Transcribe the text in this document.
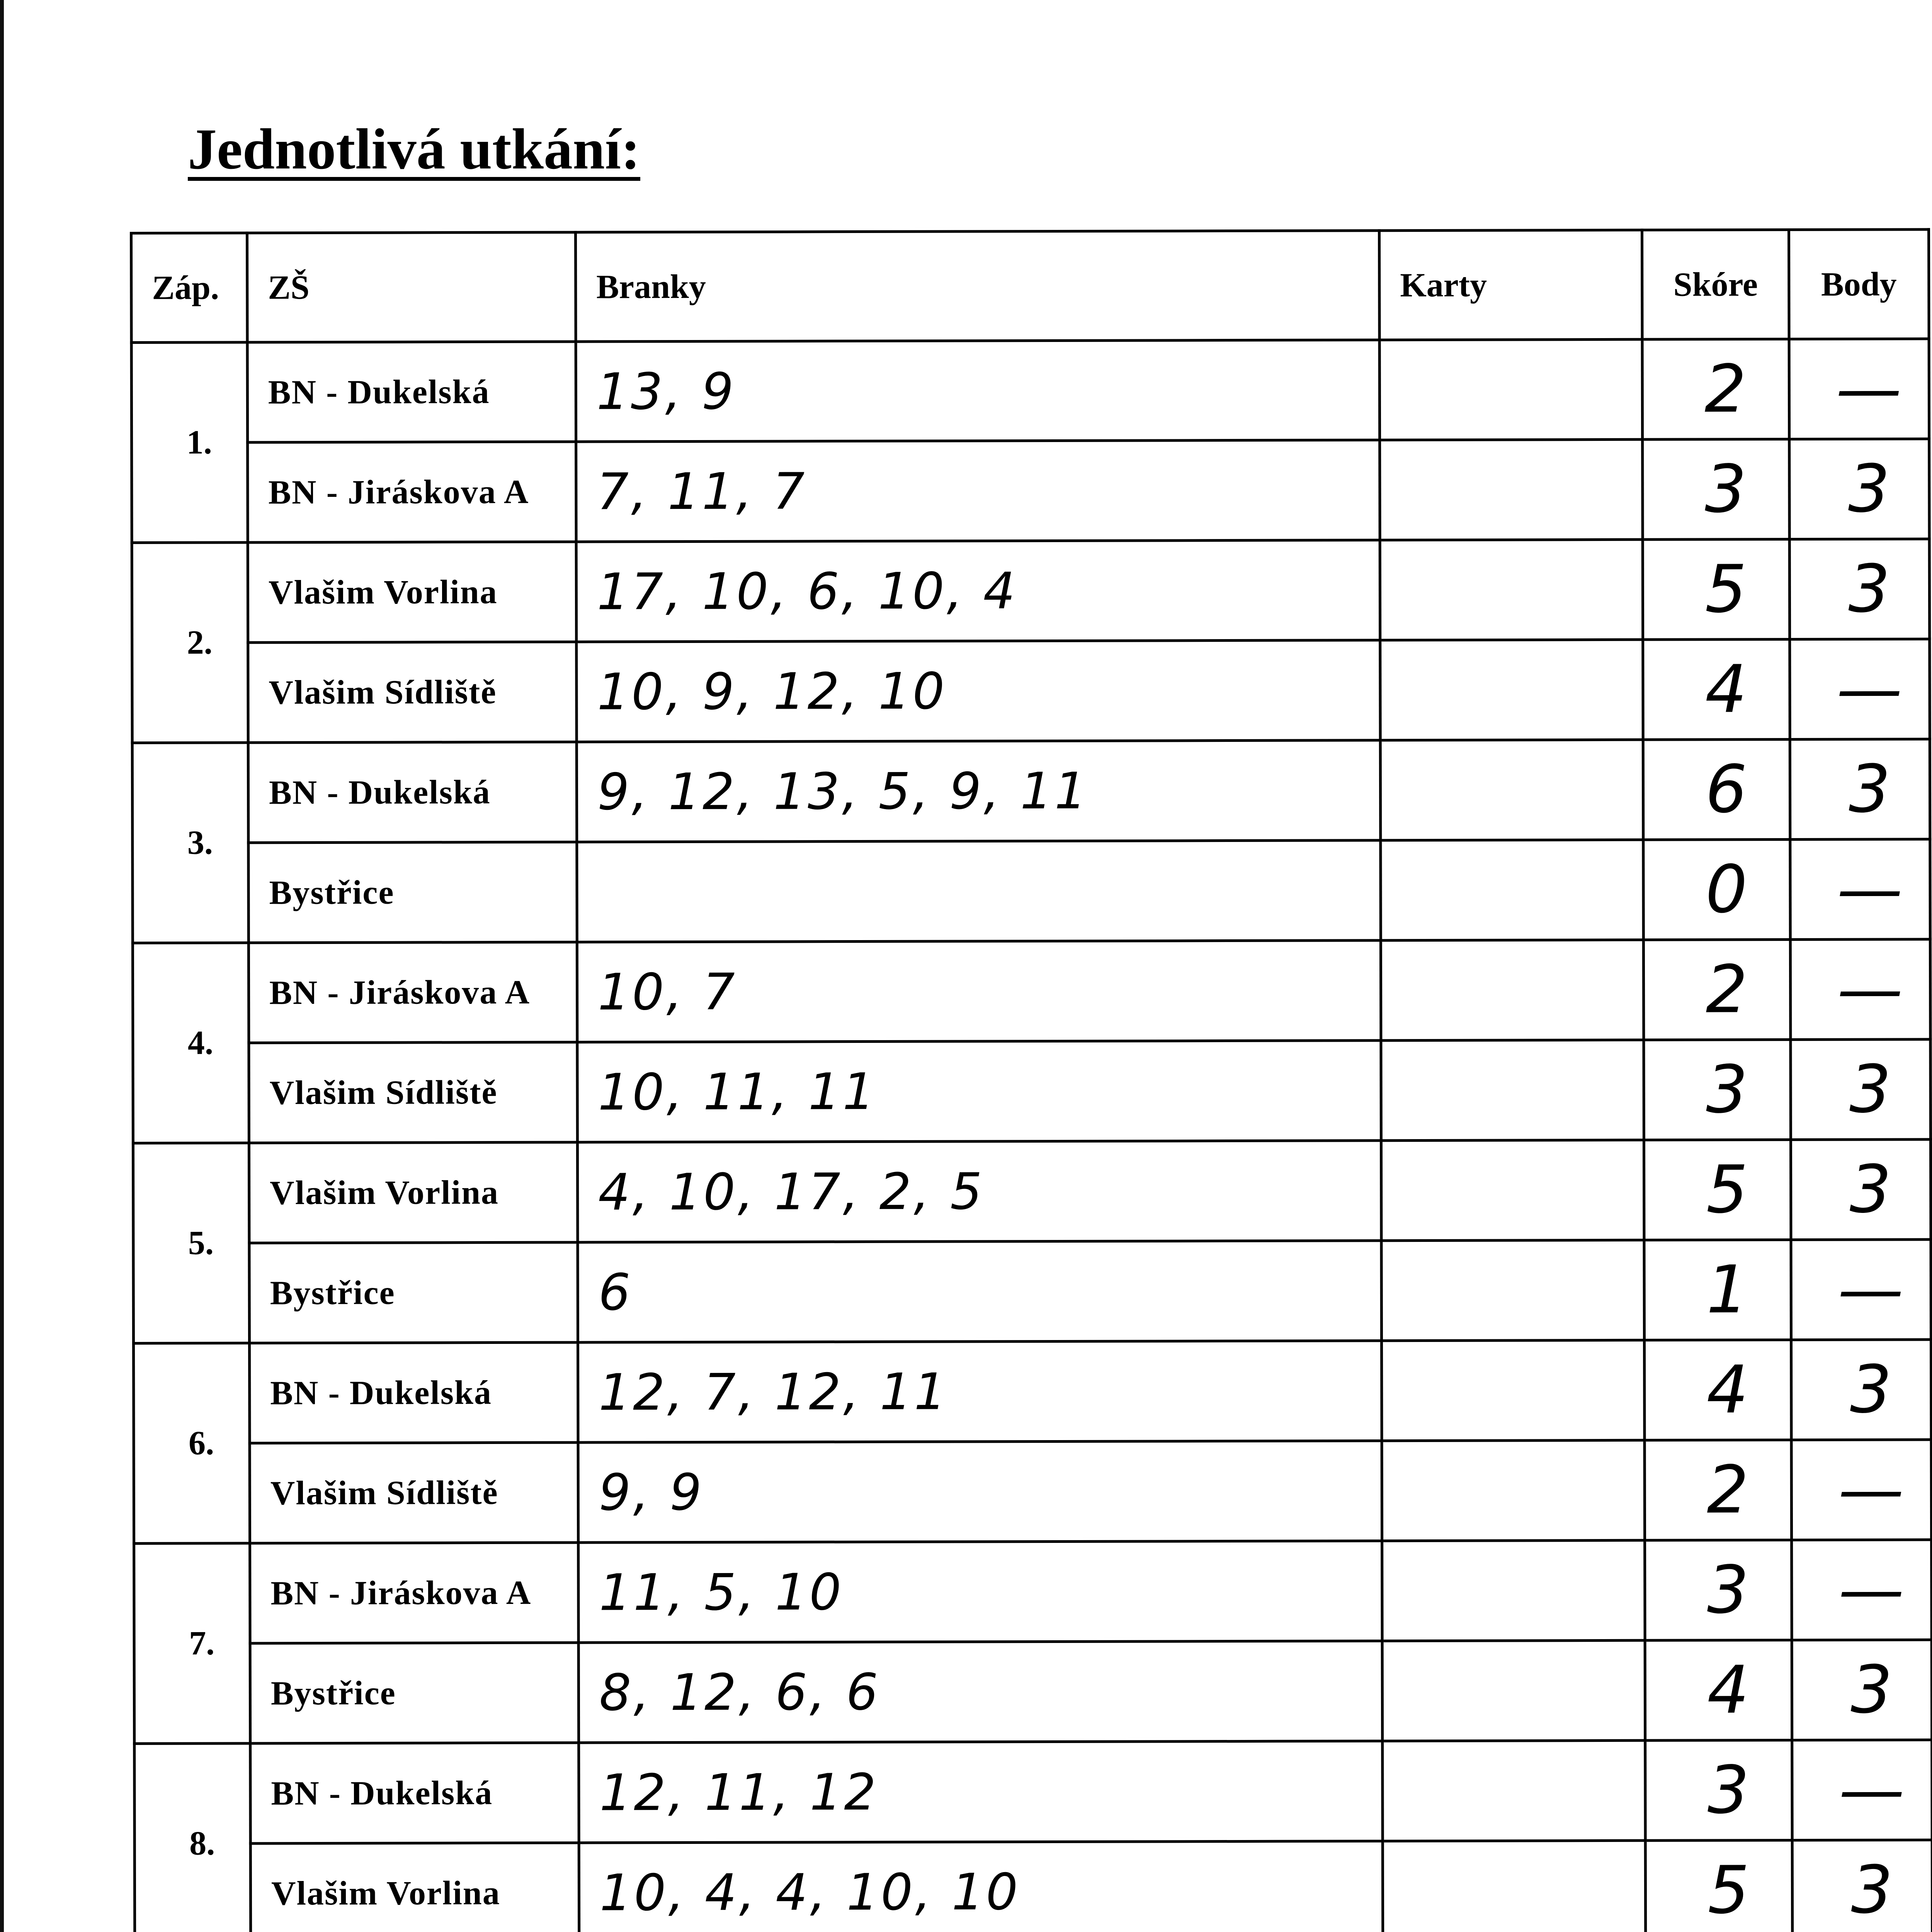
Jednotlivá utkání:
Záp.	ZŠ	Branky	Karty	Skóre	Body
1.	BN - Dukelská	13, 9		2	—
	BN - Jiráskova A	7, 11, 7		3	3
2.	Vlašim Vorlina	17, 10, 6, 10, 4		5	3
	Vlašim Sídliště	10, 9, 12, 10		4	—
3.	BN - Dukelská	9, 12, 13, 5, 9, 11		6	3
	Bystřice			0	—
4.	BN - Jiráskova A	10, 7		2	—
	Vlašim Sídliště	10, 11, 11		3	3
5.	Vlašim Vorlina	4, 10, 17, 2, 5		5	3
	Bystřice	6		1	—
6.	BN - Dukelská	12, 7, 12, 11		4	3
	Vlašim Sídliště	9, 9		2	—
7.	BN - Jiráskova A	11, 5, 10		3	—
	Bystřice	8, 12, 6, 6		4	3
8.	BN - Dukelská	12, 11, 12		3	—
	Vlašim Vorlina	10, 4, 4, 10, 10		5	3
